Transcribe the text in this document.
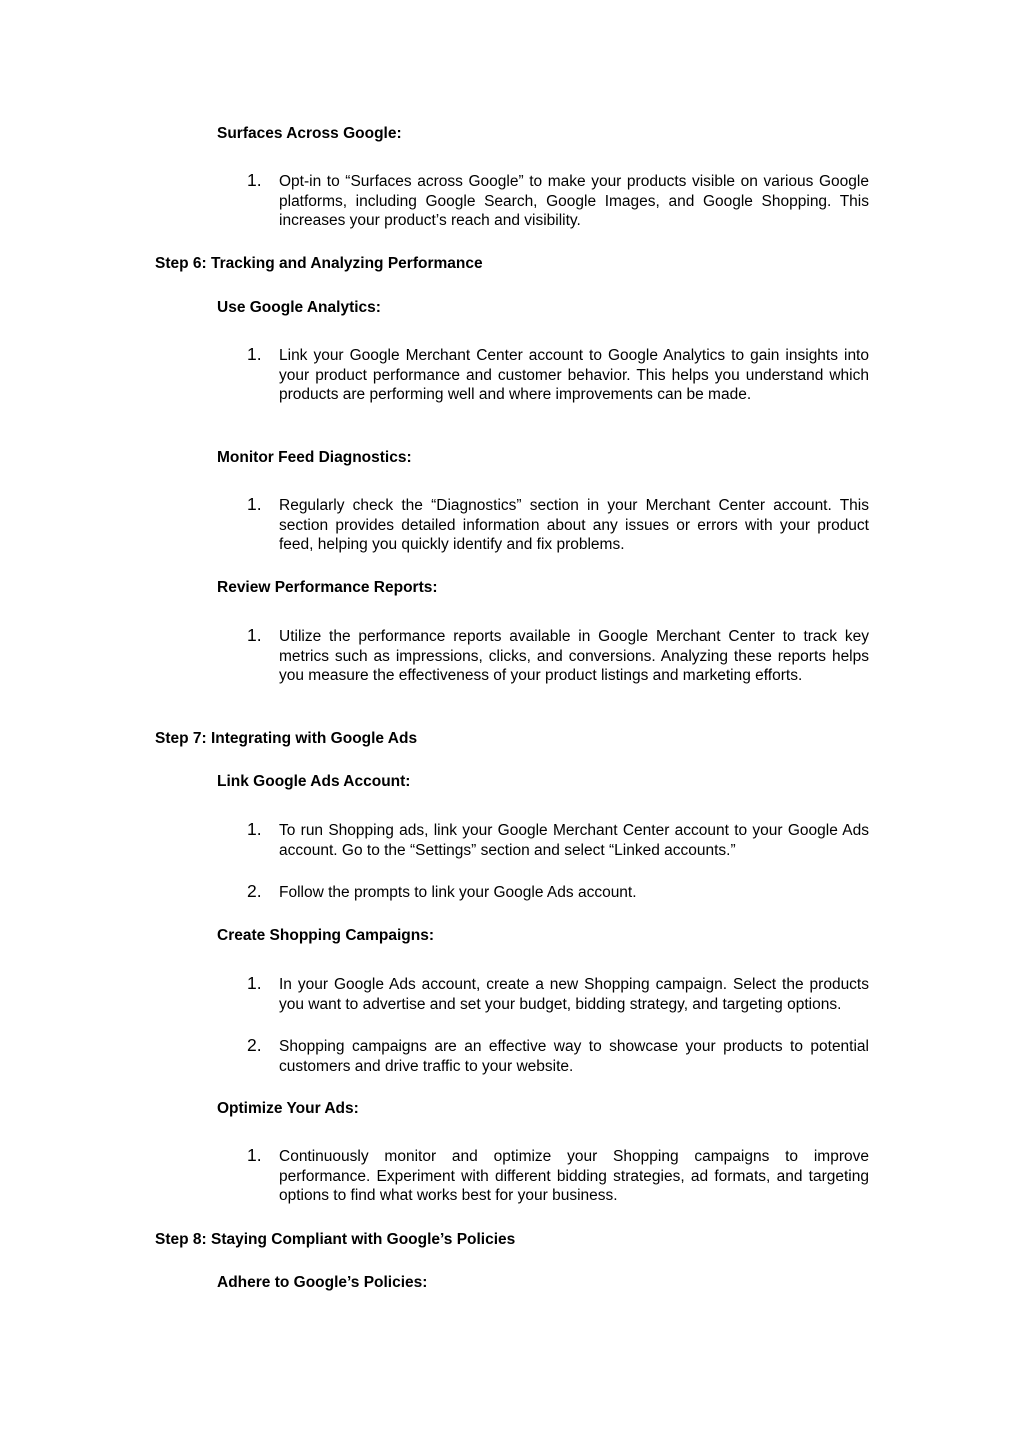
Surfaces Across Google:
1. Opt-in to “Surfaces across Google” to make your products visible on various Google platforms, including Google Search, Google Images, and Google Shopping. This increases your product’s reach and visibility.
Step 6: Tracking and Analyzing Performance
Use Google Analytics:
1. Link your Google Merchant Center account to Google Analytics to gain insights into your product performance and customer behavior. This helps you understand which products are performing well and where improvements can be made.
Monitor Feed Diagnostics:
1. Regularly check the “Diagnostics” section in your Merchant Center account. This section provides detailed information about any issues or errors with your product feed, helping you quickly identify and fix problems.
Review Performance Reports:
1. Utilize the performance reports available in Google Merchant Center to track key metrics such as impressions, clicks, and conversions. Analyzing these reports helps you measure the effectiveness of your product listings and marketing efforts.
Step 7: Integrating with Google Ads
Link Google Ads Account:
1. To run Shopping ads, link your Google Merchant Center account to your Google Ads account. Go to the “Settings” section and select “Linked accounts.”
2. Follow the prompts to link your Google Ads account.
Create Shopping Campaigns:
1. In your Google Ads account, create a new Shopping campaign. Select the products you want to advertise and set your budget, bidding strategy, and targeting options.
2. Shopping campaigns are an effective way to showcase your products to potential customers and drive traffic to your website.
Optimize Your Ads:
1. Continuously monitor and optimize your Shopping campaigns to improve performance. Experiment with different bidding strategies, ad formats, and targeting options to find what works best for your business.
Step 8: Staying Compliant with Google’s Policies
Adhere to Google’s Policies:
